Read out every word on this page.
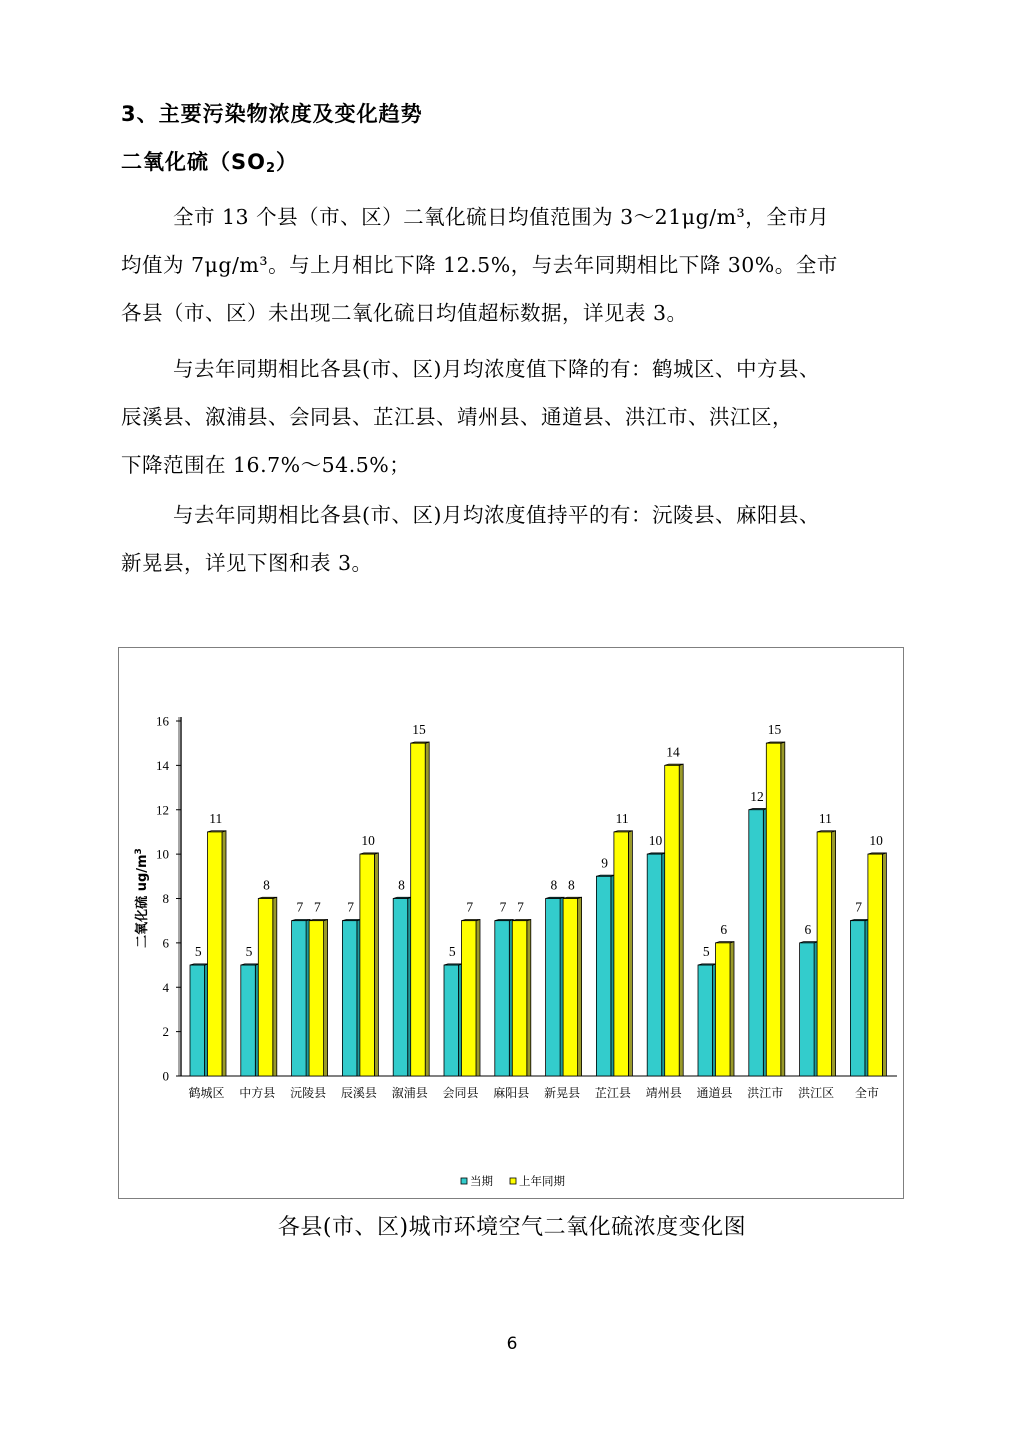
3、主要污染物浓度及变化趋势
二氧化硫$(SO_2)$
全市 13 个县（市、区）二氧化硫日均值范围为 3～21μg/m³，全市月
均值为 7μg/m³。与上月相比下降 12.5%，与去年同期相比下降 30%。全市
各县（市、区）未出现二氧化硫日均值超标数据，详见表 3。
与去年同期相比各县(市、区)月均浓度值下降的有：鹤城区、中方县、
辰溪县、溆浦县、会同县、芷江县、靖州县、通道县、洪江市、洪江区，
下降范围在 16.7%～54.5%；
与去年同期相比各县(市、区)月均浓度值持平的有：沅陵县、麻阳县、
新晃县，详见下图和表 3。
0
2
4
6
8
10
12
14
16
二氧化硫 $ug/m^3$
5
11
鹤城区
5
8
中方县
7 7
沅陵县
7
10
辰溪县
8
15
溆浦县
5
7
会同县
7 7
麻阳县
8 8
新晃县
9
11
芷江县
10
14
靖州县
5
6
通道县
12
15
洪江市
6
11
洪江区
7
10
全市
当期 上年同期
各县(市、区)城市环境空气二氧化硫浓度变化图
6
